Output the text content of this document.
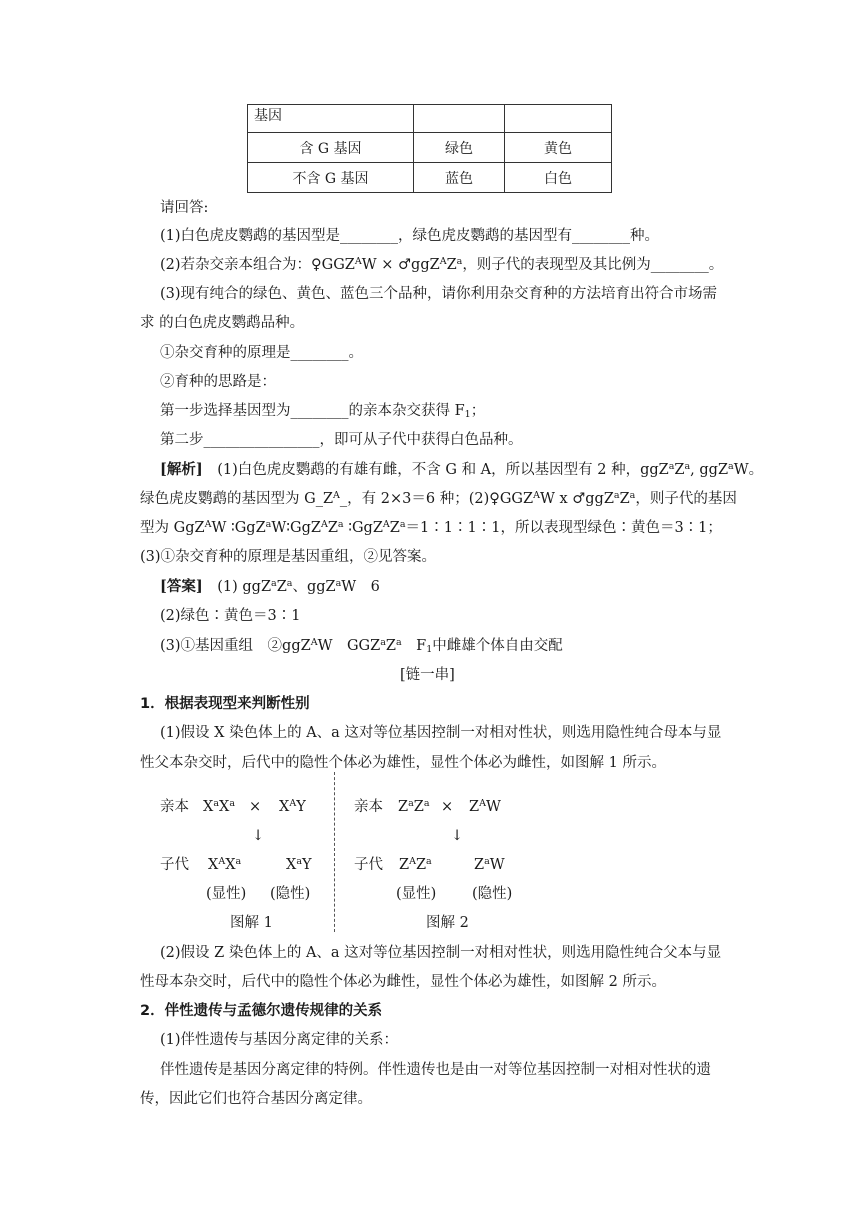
基因		
含 G 基因	绿色	黄色
不含 G 基因	蓝色	白色
请回答:
(1)白色虎皮鹦鹉的基因型是________，绿色虎皮鹦鹉的基因型有________种。
(2)若杂交亲本组合为：$♀GGZ^AW$ × $♂ggZ^AZ^a$，则子代的表现型及其比例为________。
(3)现有纯合的绿色、黄色、蓝色三个品种，请你利用杂交育种的方法培育出符合市场需
求 的白色虎皮鹦鹉品种。
①杂交育种的原理是________。
②育种的思路是：
第一步选择基因型为________的亲本杂交获得 $F_1$；
第二步________________，即可从子代中获得白色品种。
[解析]　 (1)白色虎皮鹦鹉的有雄有雌，不含 G 和 A，所以基因型有 2 种，$ggZ^aZ^a$, ggZ$^a$W。
绿色虎皮鹦鹉的基因型为 $G\_Z^A\_$，有 2×3＝6 种；$(2)♀GGZ^AW$ x $♂ggZ^aZ^a$，则子代的基因
型为 GgZ$^A$W $∶GgZ^aW∶GgZ^AZ^a$ $∶GgZ^AZ^a=1∶1∶1∶1$，所以表现型绿色∶黄色＝3∶1；
(3)①杂交育种的原理是基因重组，②见答案。
[答案]　 (1) $ggZ^aZ^a$、ggZ$^a$W　6
(2)绿色∶黄色＝3∶1
(3)①基因重组　②ggZ$^A$W　$GGZ^aZ^a$　 $F_1$中雌雄个体自由交配
[链一串]
1．根据表现型来判断性别
(1)假设 X 染色体上的 A、a 这对等位基因控制一对相对性状，则选用隐性纯合母本与显
性父本杂交时，后代中的隐性个体必为雄性，显性个体必为雌性，如图解 1 所示。
亲本 $X^aX^a \times X^AY$
↓
子代 $X^AX^a$	$X^aY$
(显性) (隐性)
图解 1
亲本 $Z^aZ^a \times Z^AW$
↓
子代 $Z^AZ^a$	$Z^aW$
(显性) (隐性)
图解 2
(2)假设 Z 染色体上的 A、a 这对等位基因控制一对相对性状，则选用隐性纯合父本与显
性母本杂交时，后代中的隐性个体必为雌性，显性个体必为雄性，如图解 2 所示。
2．伴性遗传与孟德尔遗传规律的关系
(1)伴性遗传与基因分离定律的关系：
伴性遗传是基因分离定律的特例。伴性遗传也是由一对等位基因控制一对相对性状的遗
传，因此它们也符合基因分离定律。
